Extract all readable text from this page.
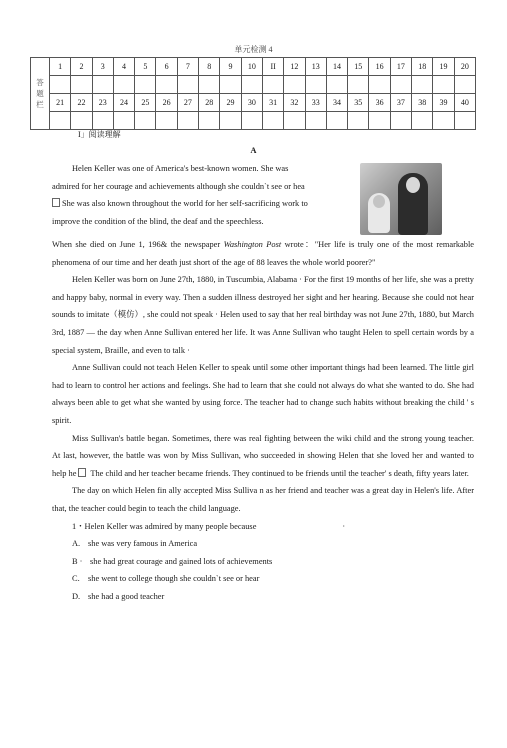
单元检测 4
答
题
栏	1	2	3	4	5	6	7	8	9	10	II	12	13	14	15	16	17	18	19	20

	21	22	23	24	25	26	27	28	29	30	31	32	33	34	35	36	37	38	39	40

I」阅读理解
A
Helen Keller was one of America's best-known women. She was
admired for her courage and achievements although she couldn`t see or hea
She was also known throughout the world for her self-sacrificing work to
improve the condition of the blind, the deaf and the speechless.

When she died on June 1, 196& the newspaper Washington Post wrote："Her life is truly one of the most remarkable phenomena of our time and her death just short of the age of 88 leaves the whole world poorer?"

Helen Keller was born on June 27th, 1880, in Tuscumbia, Alabama · For the first 19 months of her life, she was a pretty and happy baby, normal in every way. Then a sudden illness destroyed her sight and her hearing. Because she could not hear sounds to imitate（模仿）, she could not speak · Helen used to say that her real birthday was not June 27th, 1880, but March 3rd, 1887 — the day when Anne Sullivan entered her life. It was Anne Sullivan who taught Helen to spell certain words by a special system, Braille, and even to talk ·

Anne Sullivan could not teach Helen Keller to speak until some other important things had been learned. The little girl had to learn to control her actions and feelings. She had to learn that she could not always do what she wanted to do. She had always been able to get what she wanted by using force. The teacher had to change such habits without breaking the child ' s spirit.

Miss Sullivan's battle began. Sometimes, there was real fighting between the wiki child and the strong young teacher. At last, however, the battle was won by Miss Sullivan, who succeeded in showing Helen that she loved her and wanted to help he The child and her teacher became friends. They continued to be friends until the teacher' s death, fifty years later.

The day on which Helen fin ally accepted Miss Sulliva n as her friend and teacher was a great day in Helen's life. After that, the teacher could begin to teach the child language.

1・Helen Keller was admired by many people because	·
A. she was very famous in America
B · she had great courage and gained lots of achievements
C. she went to college though she couldn`t see or hear
D. she had a good teacher
